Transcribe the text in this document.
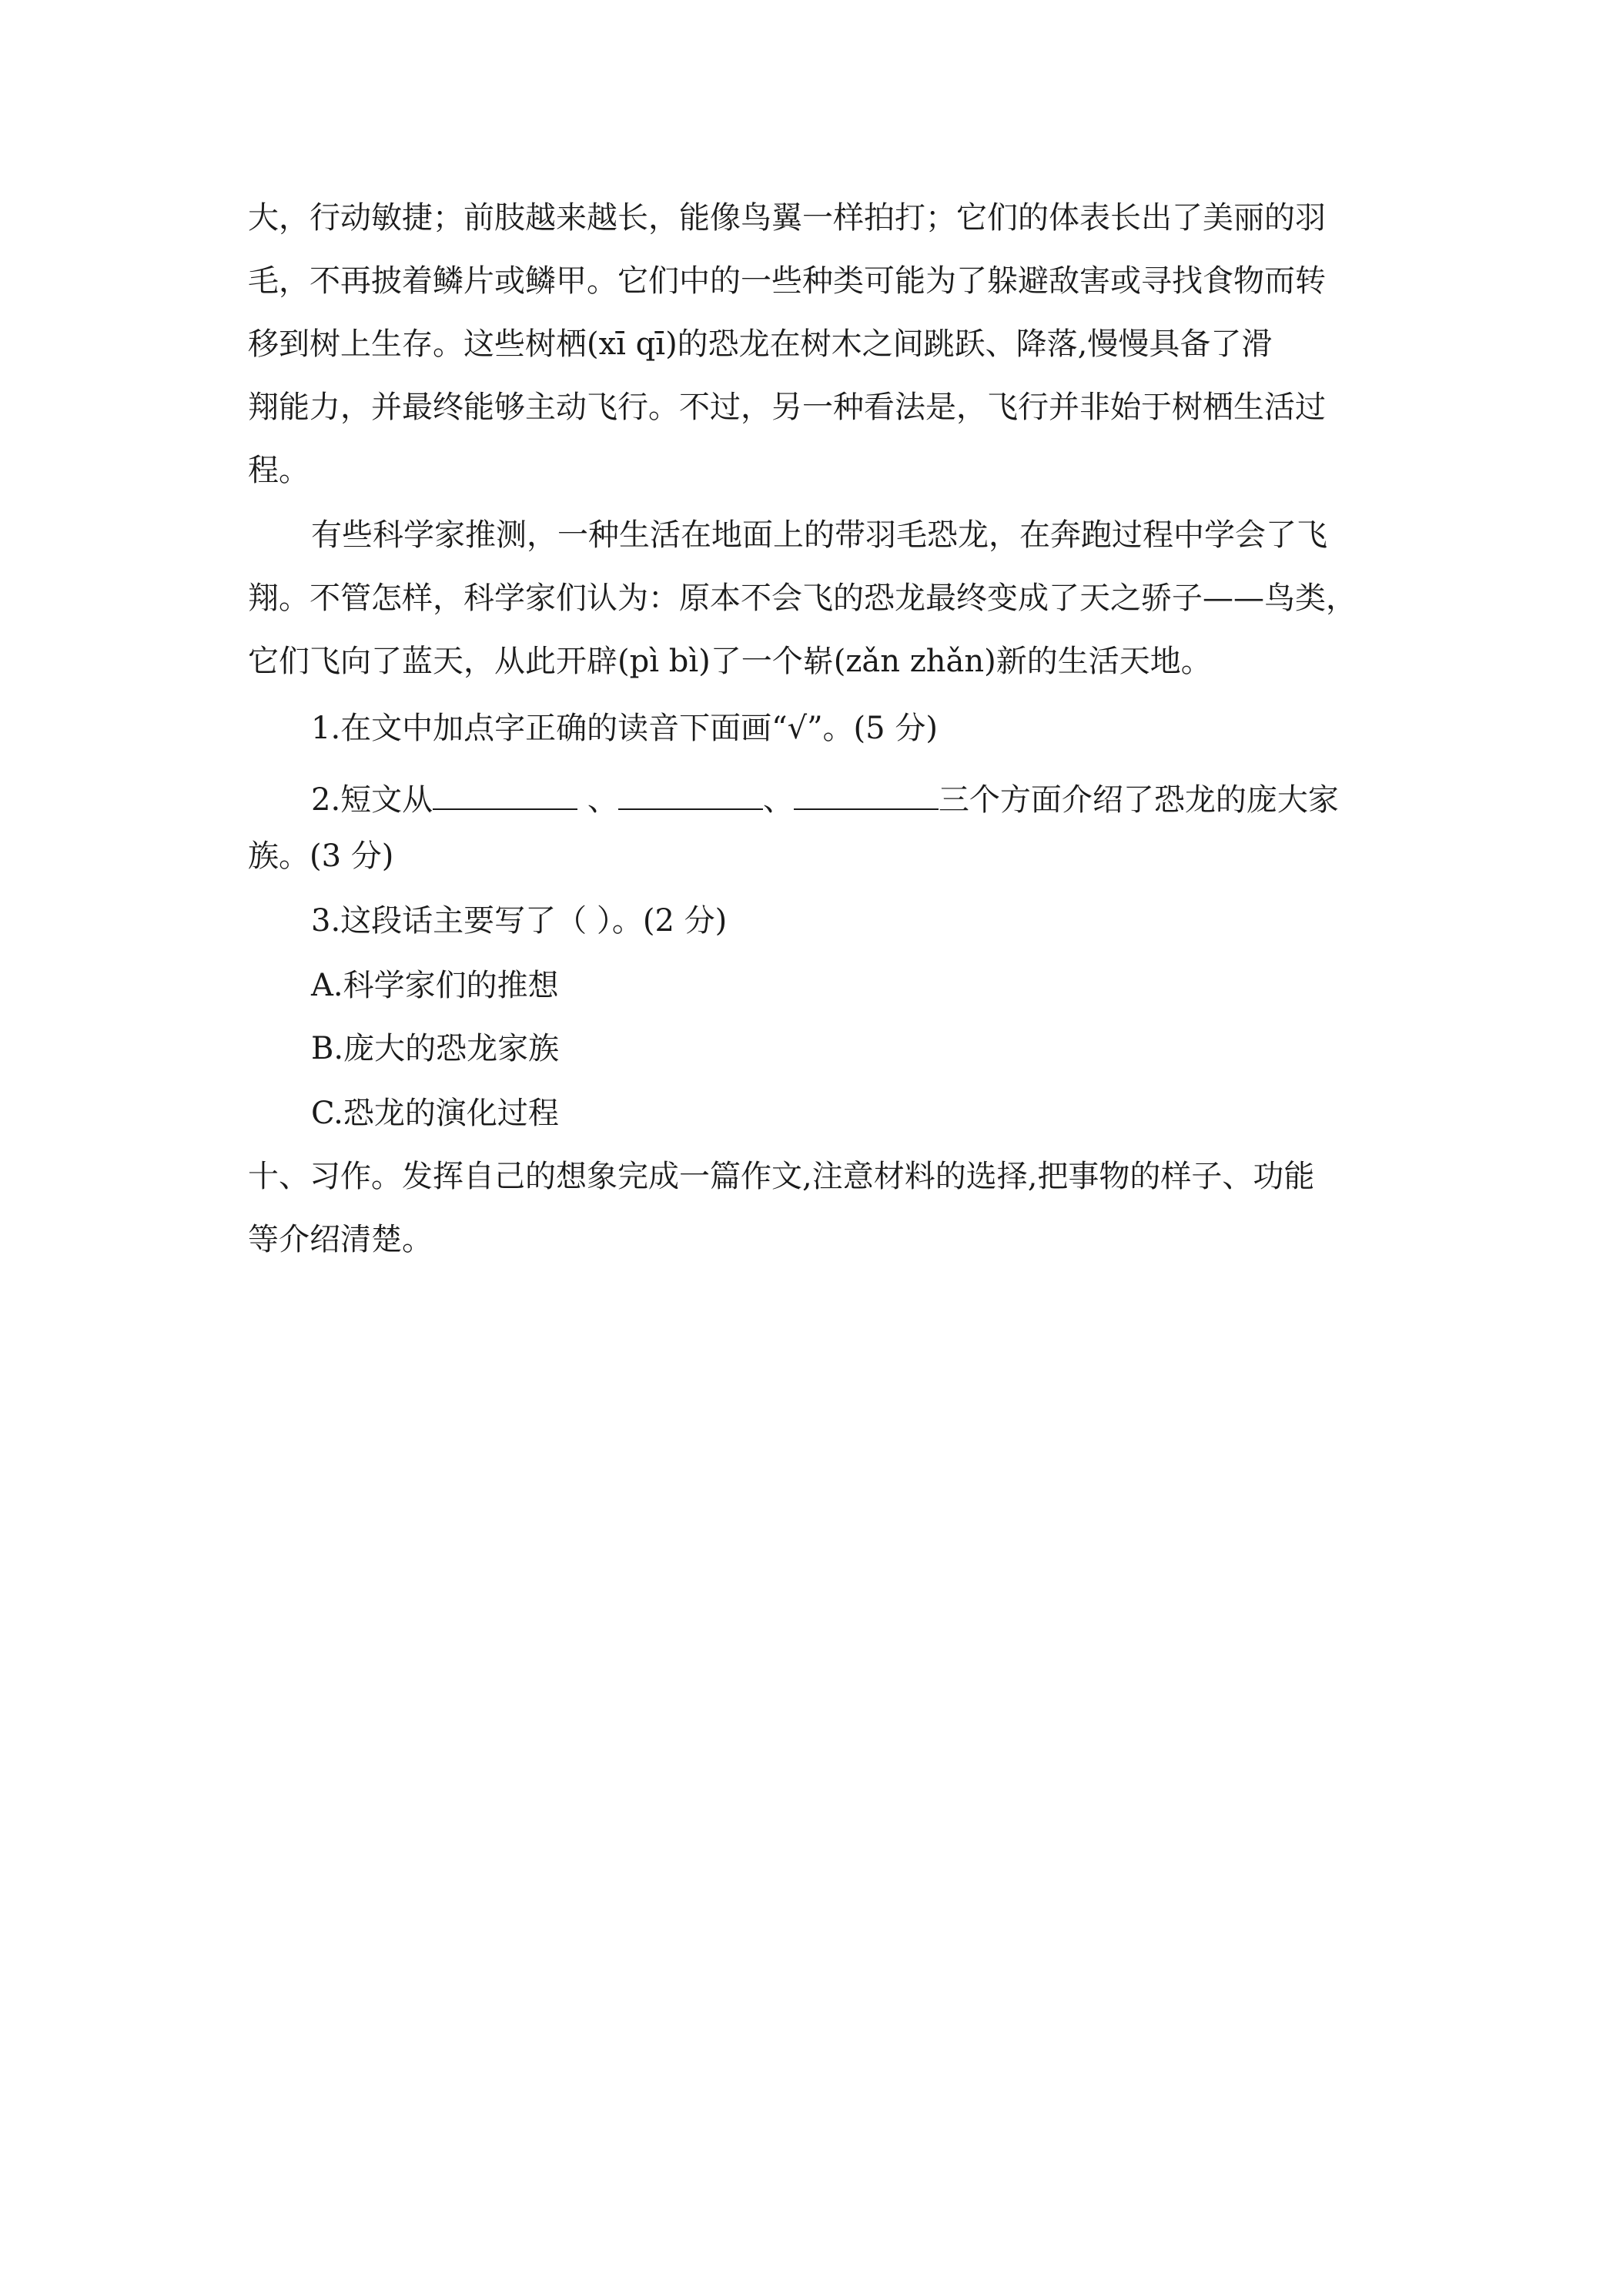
大，行动敏捷；前肢越来越长，能像鸟翼一样拍打；它们的体表长出了美丽的羽
毛，不再披着鳞片或鳞甲。它们中的一些种类可能为了躲避敌害或寻找食物而转
移到树上生存。这些树栖(xī qī)的恐龙在树木之间跳跃、降落,慢慢具备了滑
翔能力，并最终能够主动飞行。不过，另一种看法是，飞行并非始于树栖生活过
程。
有些科学家推测，一种生活在地面上的带羽毛恐龙，在奔跑过程中学会了飞
翔。不管怎样，科学家们认为：原本不会飞的恐龙最终变成了天之骄子——鸟类，
它们飞向了蓝天，从此开辟(pì bì)了一个崭(zǎn zhǎn)新的生活天地。
1.在文中加点字正确的读音下面画“√”。(5 分)
2.短文从	、	、	三个方面介绍了恐龙的庞大家
族。(3 分)
3.这段话主要写了（ ）。(2 分)
A.科学家们的推想
B.庞大的恐龙家族
C.恐龙的演化过程
十、习作。发挥自己的想象完成一篇作文,注意材料的选择,把事物的样子、功能
等介绍清楚。
